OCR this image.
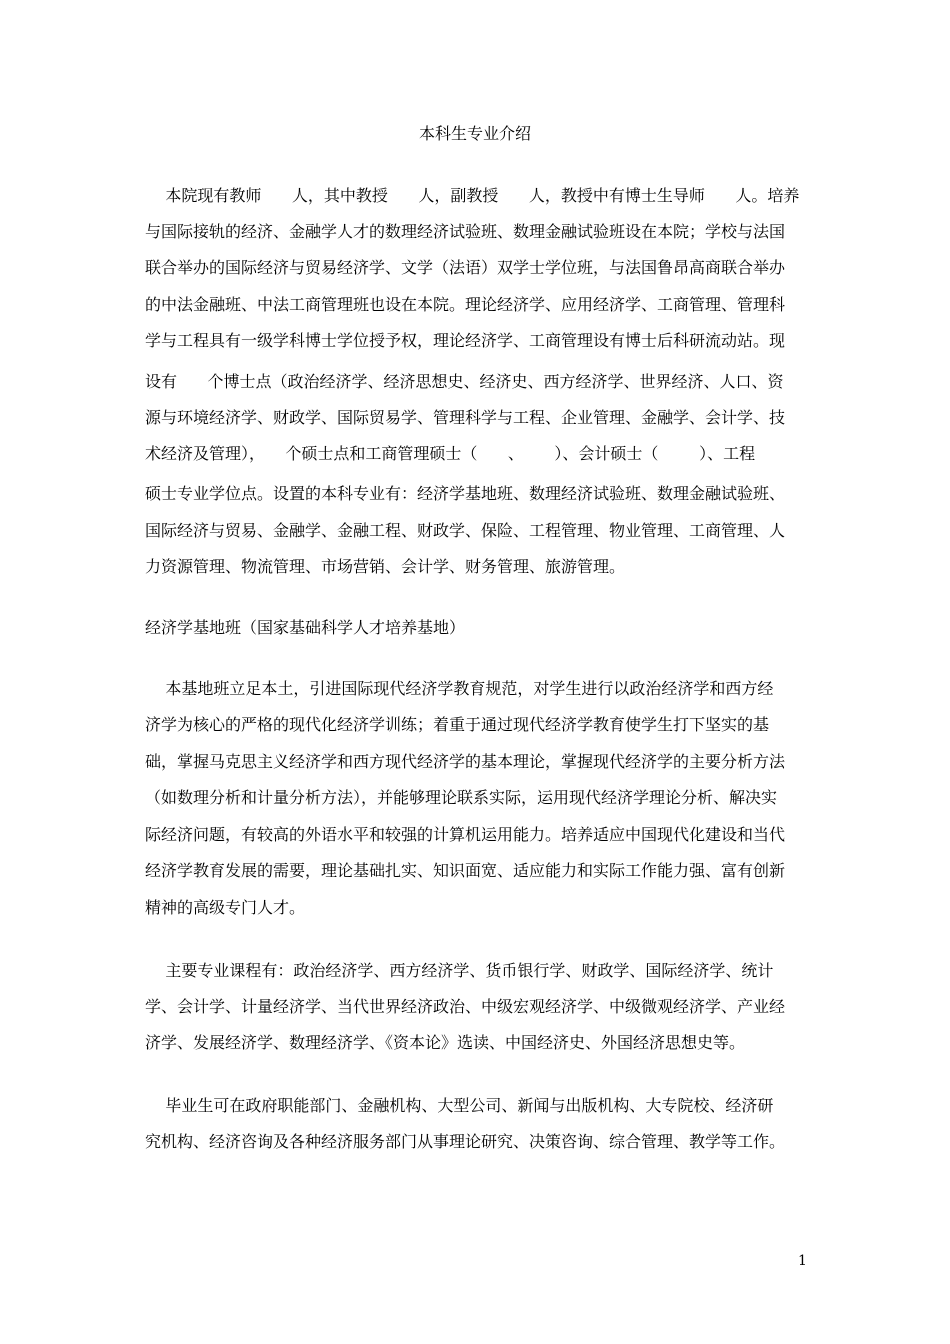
本科生专业介绍
本院现有教师      人，其中教授      人，副教授      人，教授中有博士生导师      人。培养
与国际接轨的经济、金融学人才的数理经济试验班、数理金融试验班设在本院；学校与法国
联合举办的国际经济与贸易经济学、文学（法语）双学士学位班，与法国鲁昂高商联合举办
的中法金融班、中法工商管理班也设在本院。理论经济学、应用经济学、工商管理、管理科
学与工程具有一级学科博士学位授予权，理论经济学、工商管理设有博士后科研流动站。现
设有      个博士点（政治经济学、经济思想史、经济史、西方经济学、世界经济、人口、资
源与环境经济学、财政学、国际贸易学、管理科学与工程、企业管理、金融学、会计学、技
术经济及管理），    个硕士点和工商管理硕士（      、      ）、会计硕士（        ）、工程
硕士专业学位点。设置的本科专业有：经济学基地班、数理经济试验班、数理金融试验班、
国际经济与贸易、金融学、金融工程、财政学、保险、工程管理、物业管理、工商管理、人
力资源管理、物流管理、市场营销、会计学、财务管理、旅游管理。
经济学基地班（国家基础科学人才培养基地）
本基地班立足本土，引进国际现代经济学教育规范，对学生进行以政治经济学和西方经
济学为核心的严格的现代化经济学训练；着重于通过现代经济学教育使学生打下坚实的基
础，掌握马克思主义经济学和西方现代经济学的基本理论，掌握现代经济学的主要分析方法
（如数理分析和计量分析方法），并能够理论联系实际，运用现代经济学理论分析、解决实
际经济问题，有较高的外语水平和较强的计算机运用能力。培养适应中国现代化建设和当代
经济学教育发展的需要，理论基础扎实、知识面宽、适应能力和实际工作能力强、富有创新
精神的高级专门人才。
主要专业课程有：政治经济学、西方经济学、货币银行学、财政学、国际经济学、统计
学、会计学、计量经济学、当代世界经济政治、中级宏观经济学、中级微观经济学、产业经
济学、发展经济学、数理经济学、《资本论》选读、中国经济史、外国经济思想史等。
毕业生可在政府职能部门、金融机构、大型公司、新闻与出版机构、大专院校、经济研
究机构、经济咨询及各种经济服务部门从事理论研究、决策咨询、综合管理、教学等工作。
1
